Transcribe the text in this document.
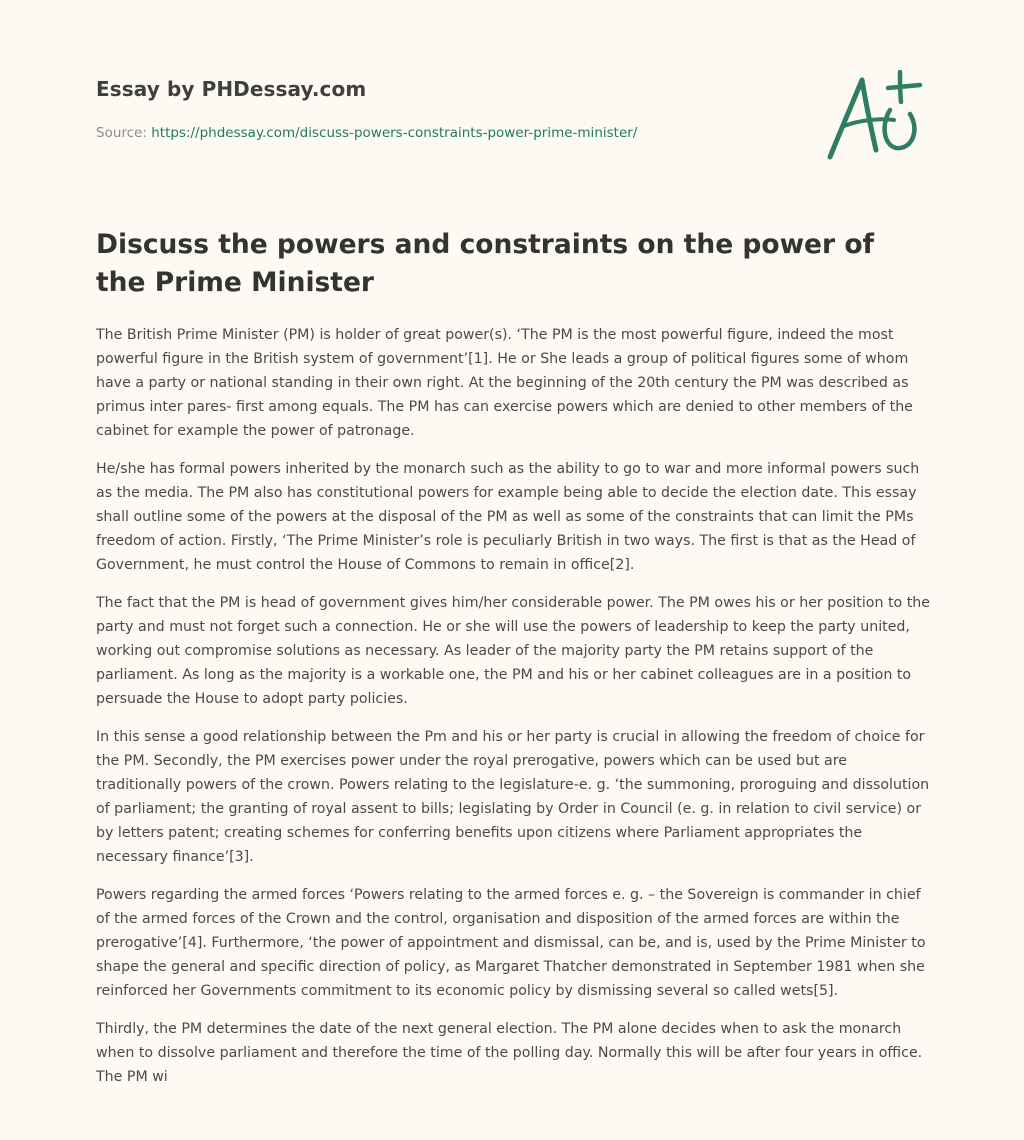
Essay by PHDessay.com
Source: https://phdessay.com/discuss-powers-constraints-power-prime-minister/
Discuss the powers and constraints on the power of the Prime Minister

The British Prime Minister (PM) is holder of great power(s). ‘The PM is the most powerful figure, indeed the most powerful figure in the British system of government’[1]. He or She leads a group of political figures some of whom have a party or national standing in their own right. At the beginning of the 20th century the PM was described as primus inter pares- first among equals. The PM has can exercise powers which are denied to other members of the cabinet for example the power of patronage.

He/she has formal powers inherited by the monarch such as the ability to go to war and more informal powers such as the media. The PM also has constitutional powers for example being able to decide the election date. This essay shall outline some of the powers at the disposal of the PM as well as some of the constraints that can limit the PMs freedom of action. Firstly, ‘The Prime Minister’s role is peculiarly British in two ways. The first is that as the Head of Government, he must control the House of Commons to remain in office[2].

The fact that the PM is head of government gives him/her considerable power. The PM owes his or her position to the party and must not forget such a connection. He or she will use the powers of leadership to keep the party united, working out compromise solutions as necessary. As leader of the majority party the PM retains support of the parliament. As long as the majority is a workable one, the PM and his or her cabinet colleagues are in a position to persuade the House to adopt party policies.

In this sense a good relationship between the Pm and his or her party is crucial in allowing the freedom of choice for the PM. Secondly, the PM exercises power under the royal prerogative, powers which can be used but are traditionally powers of the crown. Powers relating to the legislature-e. g. ‘the summoning, proroguing and dissolution of parliament; the granting of royal assent to bills; legislating by Order in Council (e. g. in relation to civil service) or by letters patent; creating schemes for conferring benefits upon citizens where Parliament appropriates the necessary finance’[3].

Powers regarding the armed forces ‘Powers relating to the armed forces e. g. – the Sovereign is commander in chief of the armed forces of the Crown and the control, organisation and disposition of the armed forces are within the prerogative’[4]. Furthermore, ‘the power of appointment and dismissal, can be, and is, used by the Prime Minister to shape the general and specific direction of policy, as Margaret Thatcher demonstrated in September 1981 when she reinforced her Governments commitment to its economic policy by dismissing several so called wets[5].

Thirdly, the PM determines the date of the next general election. The PM alone decides when to ask the monarch when to dissolve parliament and therefore the time of the polling day. Normally this will be after four years in office. The PM wi
